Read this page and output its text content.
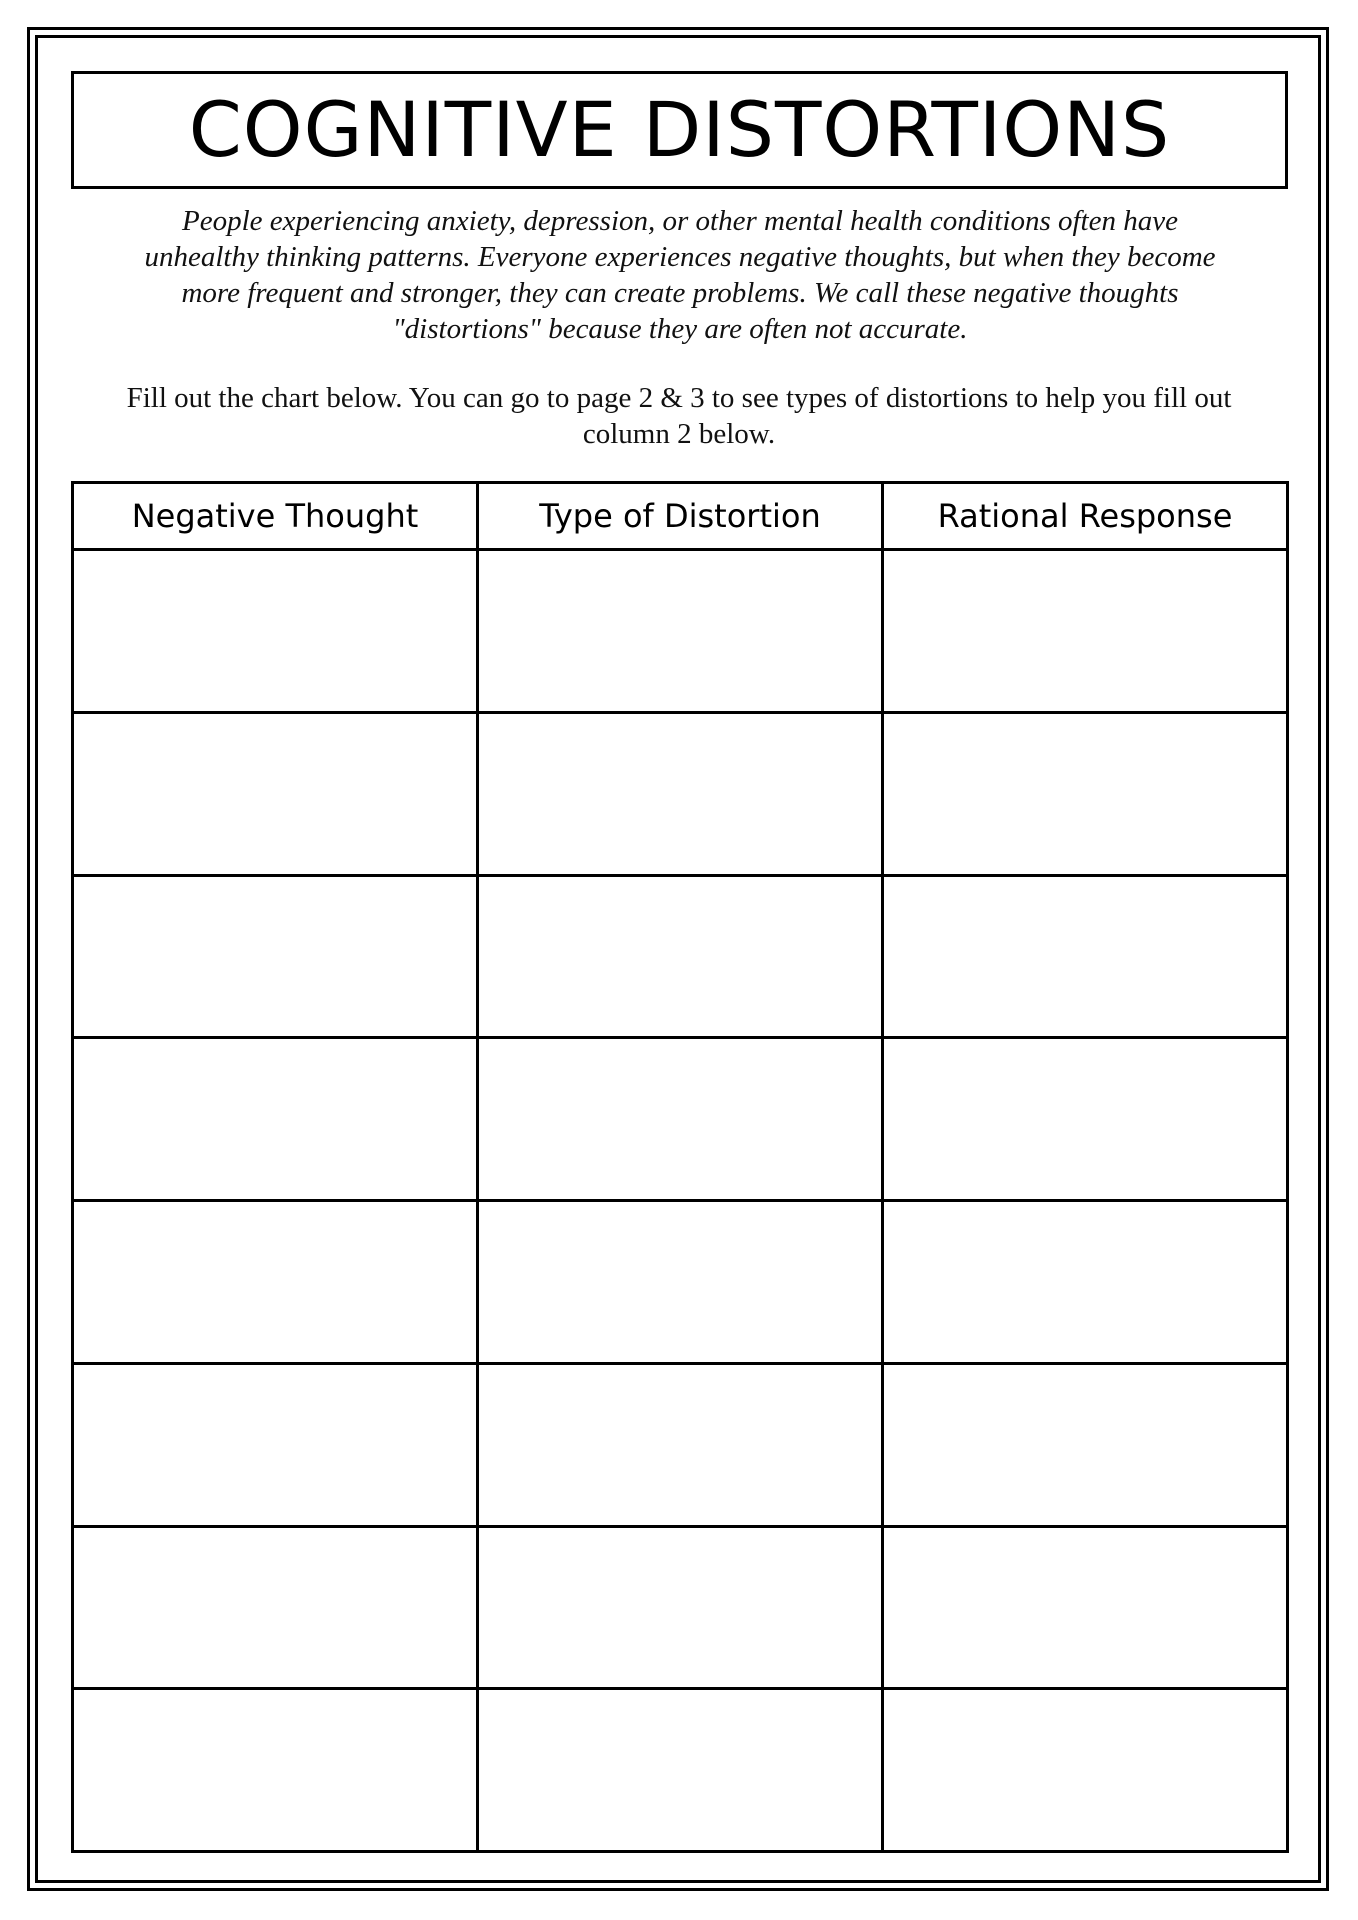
COGNITIVE DISTORTIONS

People experiencing anxiety, depression, or other mental health conditions often have
unhealthy thinking patterns. Everyone experiences negative thoughts, but when they become
more frequent and stronger, they can create problems. We call these negative thoughts
"distortions" because they are often not accurate.

Fill out the chart below. You can go to page 2 & 3 to see types of distortions to help you fill out
column 2 below.

Negative Thought	Type of Distortion	Rational Response
